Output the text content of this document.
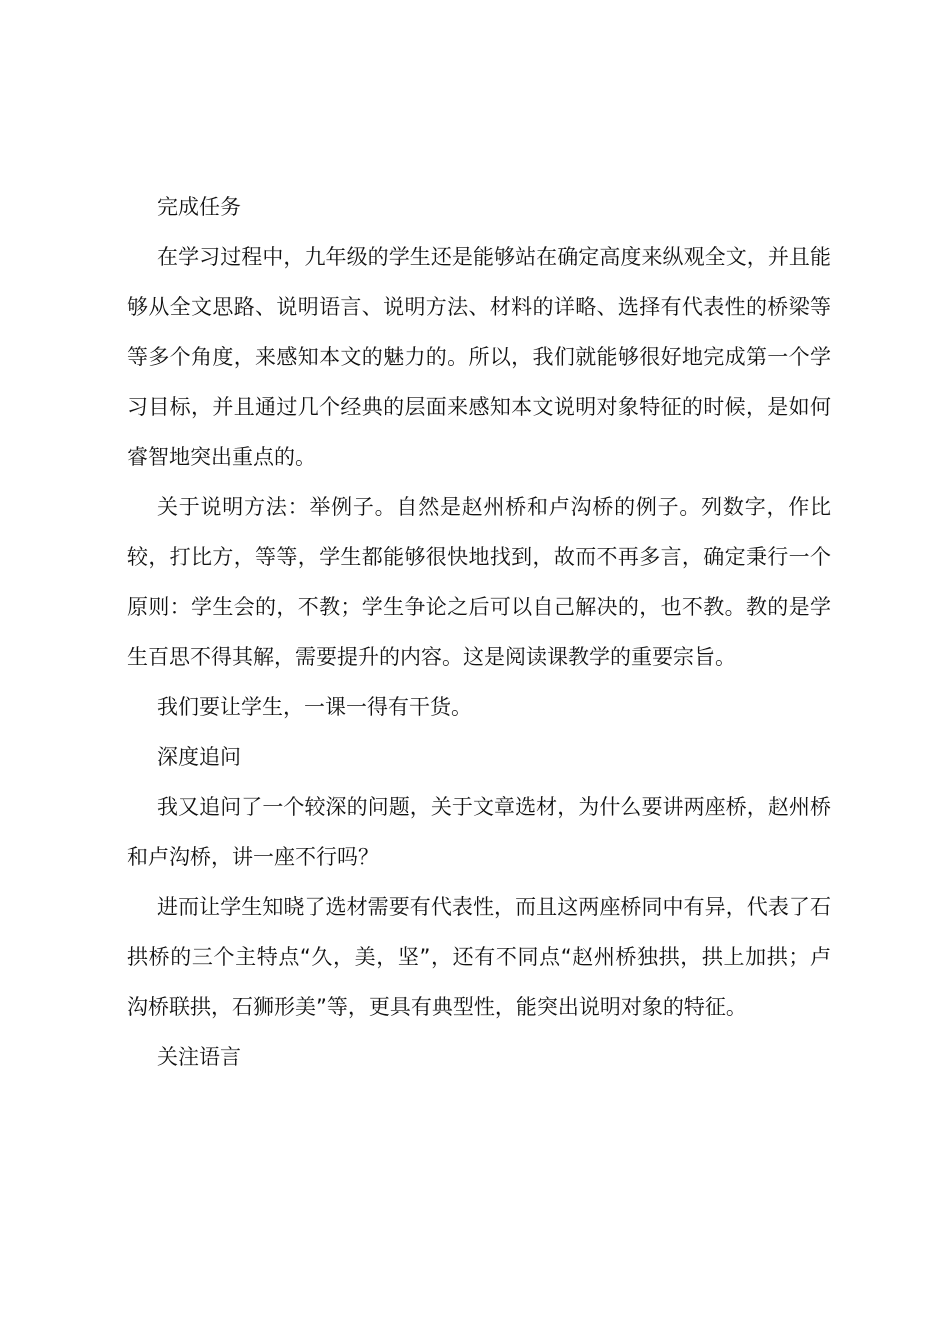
完成任务

在学习过程中，九年级的学生还是能够站在确定高度来纵观全文，并且能够从全文思路、说明语言、说明方法、材料的详略、选择有代表性的桥梁等等多个角度，来感知本文的魅力的。所以，我们就能够很好地完成第一个学习目标，并且通过几个经典的层面来感知本文说明对象特征的时候，是如何睿智地突出重点的。

关于说明方法：举例子。自然是赵州桥和卢沟桥的例子。列数字，作比较，打比方，等等，学生都能够很快地找到，故而不再多言，确定秉行一个原则：学生会的，不教；学生争论之后可以自己解决的，也不教。教的是学生百思不得其解，需要提升的内容。这是阅读课教学的重要宗旨。

我们要让学生，一课一得有干货。

深度追问

我又追问了一个较深的问题，关于文章选材，为什么要讲两座桥，赵州桥和卢沟桥，讲一座不行吗？

进而让学生知晓了选材需要有代表性，而且这两座桥同中有异，代表了石拱桥的三个主特点“久，美，坚”，还有不同点“赵州桥独拱，拱上加拱；卢沟桥联拱，石狮形美”等，更具有典型性，能突出说明对象的特征。

关注语言
